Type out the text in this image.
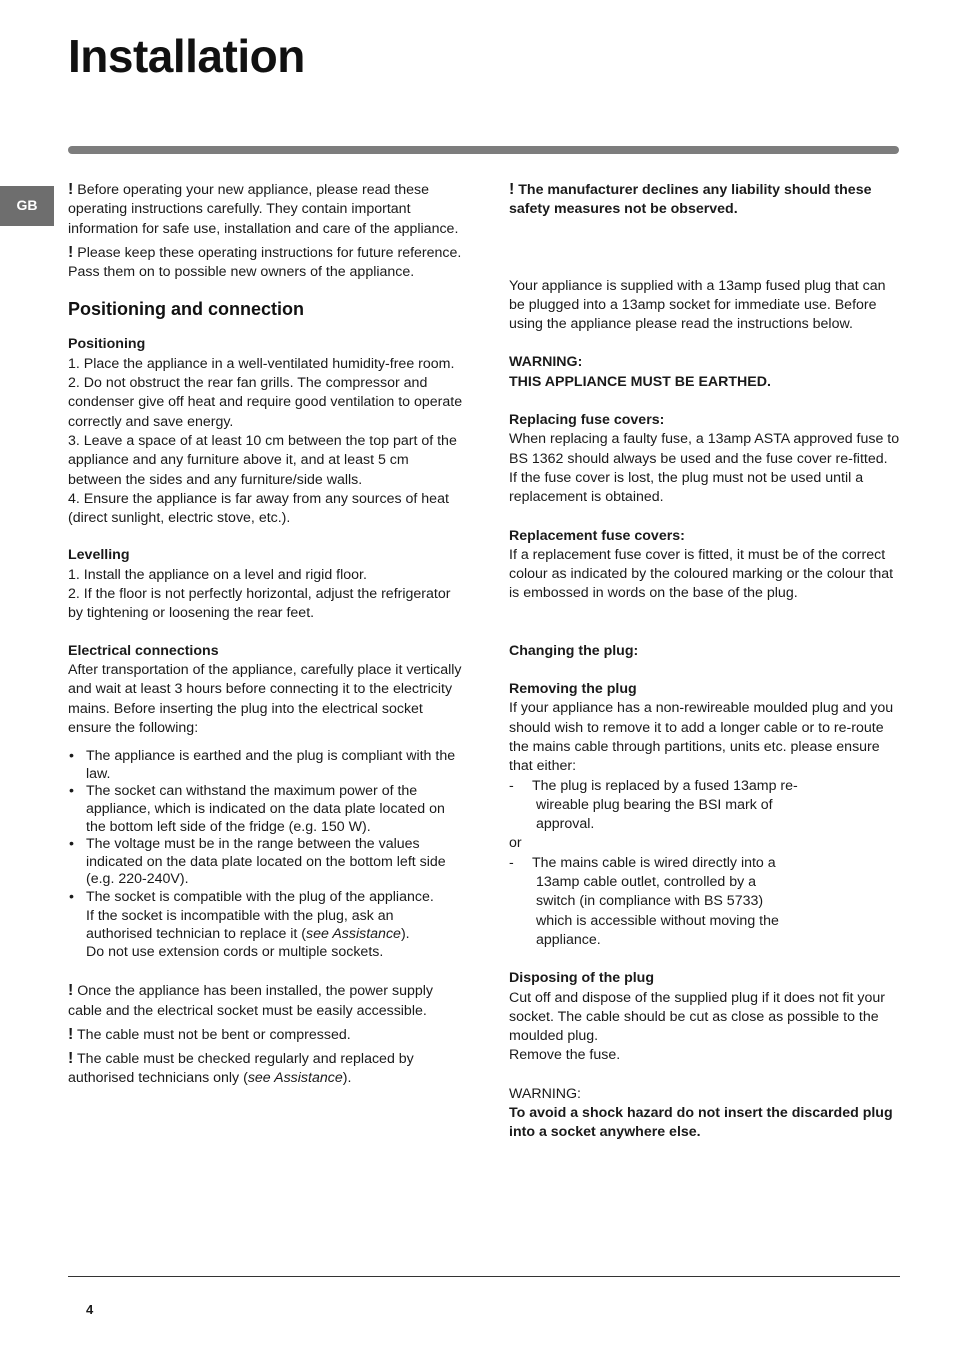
Installation
GB

! Before operating your new appliance, please read these operating instructions carefully. They contain important information for safe use, installation and care of the appliance.

! Please keep these operating instructions for future reference. Pass them on to possible new owners of the appliance.

Positioning and connection
Positioning

1. Place the appliance in a well-ventilated humidity-free room.

2. Do not obstruct the rear fan grills. The compressor and condenser give off heat and require good ventilation to operate correctly and save energy.

3. Leave a space of at least 10 cm between the top part of the appliance and any furniture above it, and at least 5 cm between the sides and any furniture/side walls.

4. Ensure the appliance is far away from any sources of heat (direct sunlight, electric stove, etc.).

Levelling

1. Install the appliance on a level and rigid floor.

2. If the floor is not perfectly horizontal, adjust the refrigerator by tightening or loosening the rear feet.

Electrical connections

After transportation of the appliance, carefully place it vertically and wait at least 3 hours before connecting it to the electricity mains. Before inserting the plug into the electrical socket ensure the following:

• The appliance is earthed and the plug is compliant with the law.
• The socket can withstand the maximum power of the appliance, which is indicated on the data plate located on the bottom left side of the fridge (e.g. 150 W).
• The voltage must be in the range between the values indicated on the data plate located on the bottom left side (e.g. 220-240V).
• The socket is compatible with the plug of the appliance.
If the socket is incompatible with the plug, ask an authorised technician to replace it (see Assistance).
Do not use extension cords or multiple sockets.

! Once the appliance has been installed, the power supply cable and the electrical socket must be easily accessible.

! The cable must not be bent or compressed.

! The cable must be checked regularly and replaced by authorised technicians only (see Assistance).

! The manufacturer declines any liability should these safety measures not be observed.

Your appliance is supplied with a 13amp fused plug that can be plugged into a 13amp socket for immediate use. Before using the appliance please read the instructions below.

WARNING:

THIS APPLIANCE MUST BE EARTHED.

Replacing fuse covers:

When replacing a faulty fuse, a 13amp ASTA approved fuse to BS 1362 should always be used and the fuse cover re-fitted.

If the fuse cover is lost, the plug must not be used until a replacement is obtained.

Replacement fuse covers:

If a replacement fuse cover is fitted, it must be of the correct colour as indicated by the coloured marking or the colour that is embossed in words on the base of the plug.

Changing the plug:
Removing the plug

If your appliance has a non-rewireable moulded plug and you should wish to remove it to add a longer cable or to re-route the mains cable through partitions, units etc. please ensure that either:

- The plug is replaced by a fused 13amp re-
wireable plug bearing the BSI mark of
approval.

or

- The mains cable is wired directly into a
13amp cable outlet, controlled by a
switch (in compliance with BS 5733)
which is accessible without moving the
appliance.
Disposing of the plug

Cut off and dispose of the supplied plug if it does not fit your socket. The cable should be cut as close as possible to the moulded plug.

Remove the fuse.

WARNING:

To avoid a shock hazard do not insert the discarded plug into a socket anywhere else.

4
